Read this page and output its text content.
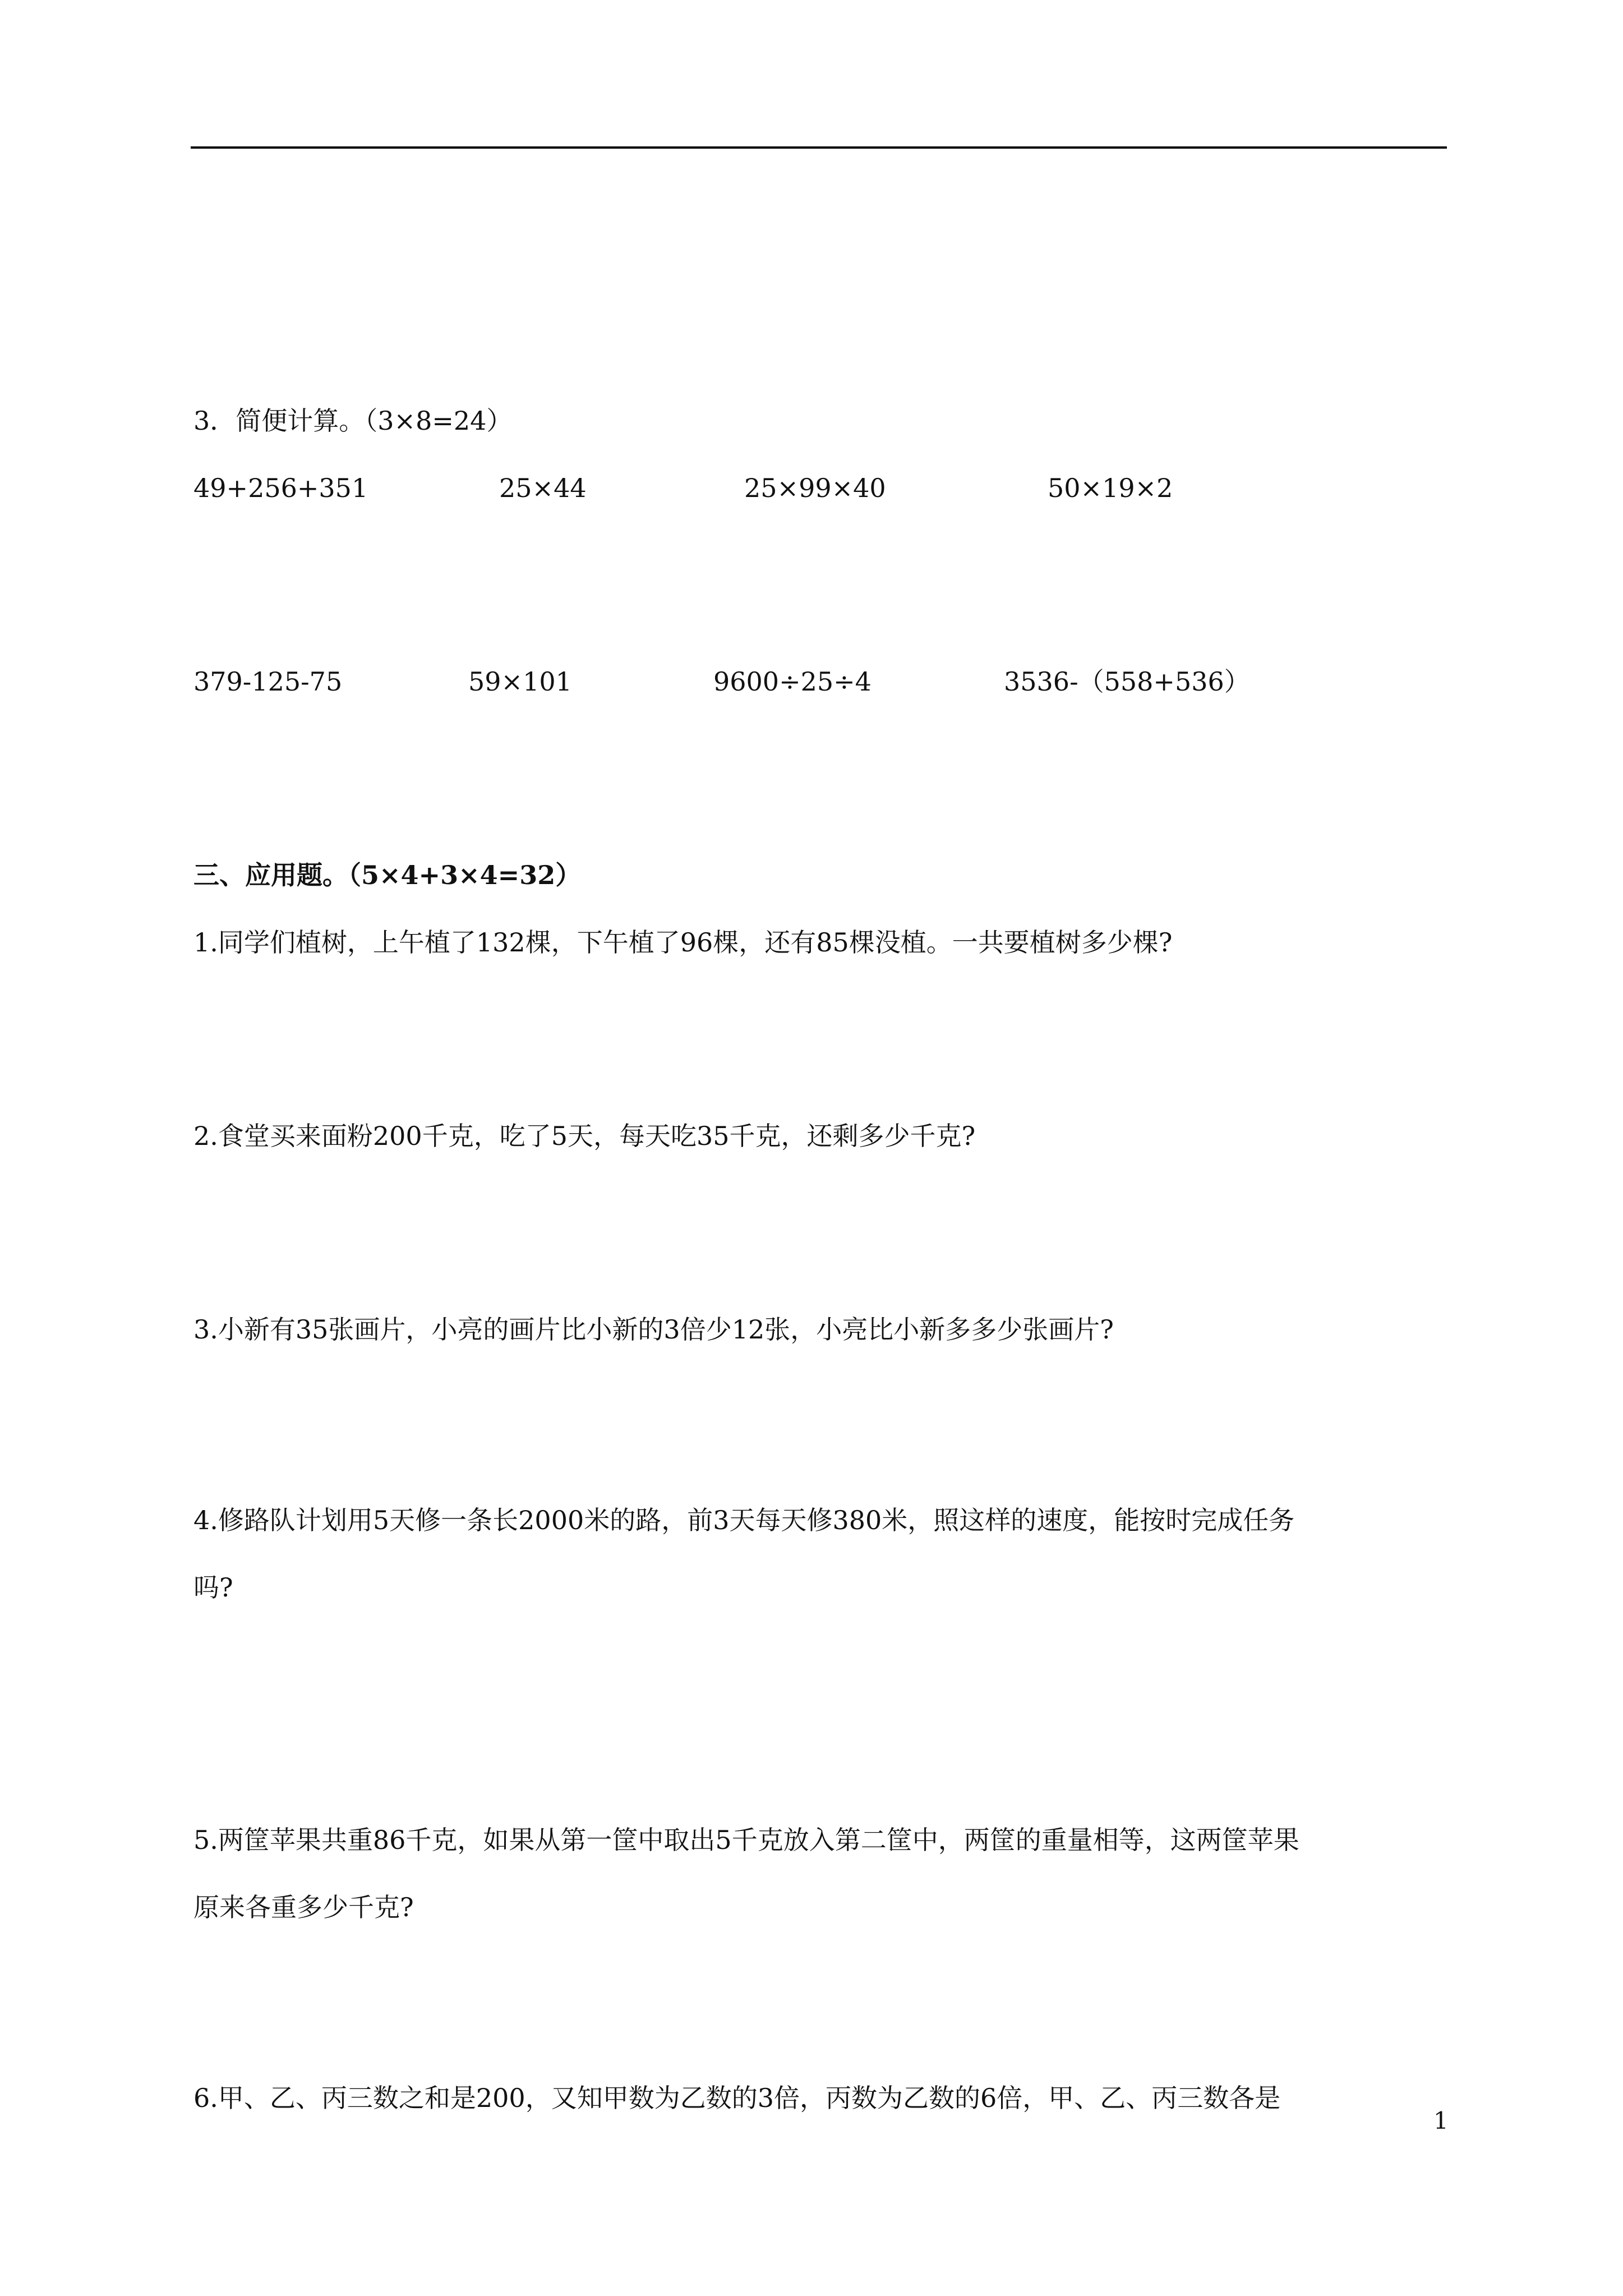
3．简便计算。（3×8=24）
49+256+351	25×44	25×99×40	50×19×2
379-125-75	59×101	9600÷25÷4	3536-（558+536）
三、应用题。（5×4+3×4=32）
1.同学们植树，上午植了132棵，下午植了96棵，还有85棵没植。一共要植树多少棵?
2.食堂买来面粉200千克，吃了5天，每天吃35千克，还剩多少千克?
3.小新有35张画片，小亮的画片比小新的3倍少12张，小亮比小新多多少张画片?
4.修路队计划用5天修一条长2000米的路，前3天每天修380米，照这样的速度，能按时完成任务
吗?
5.两筐苹果共重86千克，如果从第一筐中取出5千克放入第二筐中，两筐的重量相等，这两筐苹果
原来各重多少千克?
6.甲、乙、丙三数之和是200，又知甲数为乙数的3倍，丙数为乙数的6倍，甲、乙、丙三数各是
1
